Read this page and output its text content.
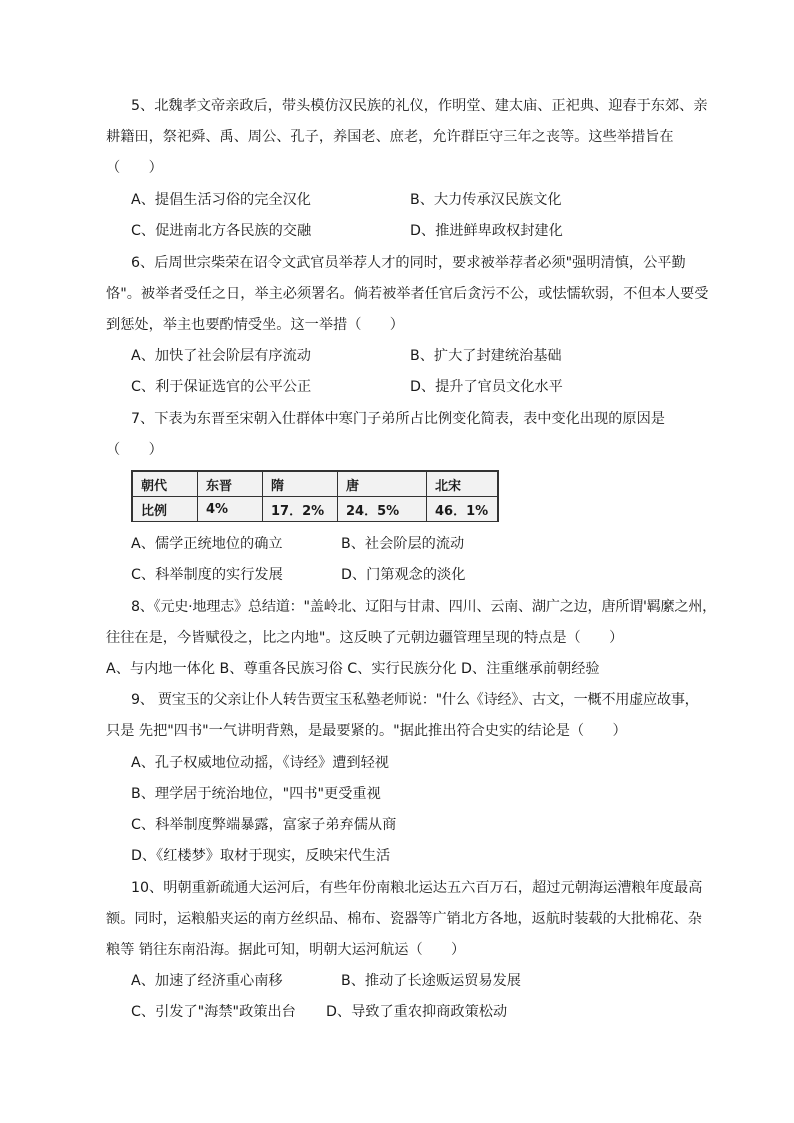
5、北魏孝文帝亲政后，带头模仿汉民族的礼仪，作明堂、建太庙、正祀典、迎春于东郊、亲
耕籍田，祭祀舜、禹、周公、孔子，养国老、庶老，允许群臣守三年之丧等。这些举措旨在
（　　）
A、提倡生活习俗的完全汉化	B、大力传承汉民族文化
C、促进南北方各民族的交融	D、推进鲜卑政权封建化
6、后周世宗柴荣在诏令文武官员举荐人才的同时，要求被举荐者必须"强明清慎，公平勤
恪"。被举者受任之日，举主必须署名。倘若被举者任官后贪污不公，或怯懦软弱，不但本人要受
到惩处，举主也要酌情受坐。这一举措（　　）
A、加快了社会阶层有序流动	B、扩大了封建统治基础
C、利于保证选官的公平公正	D、提升了官员文化水平
7、下表为东晋至宋朝入仕群体中寒门子弟所占比例变化简表，表中变化出现的原因是
（　　）
朝代	东晋	隋	唐	北宋
比例	4%	17．2%	24．5%	46．1%
A、儒学正统地位的确立	B、社会阶层的流动
C、科举制度的实行发展	D、门第观念的淡化
8、《元史·地理志》总结道："盖岭北、辽阳与甘肃、四川、云南、湖广之边，唐所谓'羁縻之州，
往往在是，今皆赋役之，比之内地"。这反映了元朝边疆管理呈现的特点是（　　）
A、与内地一体化 B、尊重各民族习俗 C、实行民族分化 D、注重继承前朝经验
9、 贾宝玉的父亲让仆人转告贾宝玉私塾老师说："什么《诗经》、古文，一概不用虚应故事，
只是 先把"四书"一气讲明背熟，是最要紧的。"据此推出符合史实的结论是（　　）
A、孔子权威地位动摇，《诗经》遭到轻视
B、理学居于统治地位，"四书"更受重视
C、科举制度弊端暴露，富家子弟弃儒从商
D、《红楼梦》取材于现实，反映宋代生活
10、明朝重新疏通大运河后，有些年份南粮北运达五六百万石，超过元朝海运漕粮年度最高
额。同时，运粮船夹运的南方丝织品、棉布、瓷器等广销北方各地，返航时装载的大批棉花、杂
粮等 销往东南沿海。据此可知，明朝大运河航运（　　）
A、加速了经济重心南移	B、推动了长途贩运贸易发展
C、引发了"海禁"政策出台 D、导致了重农抑商政策松动
